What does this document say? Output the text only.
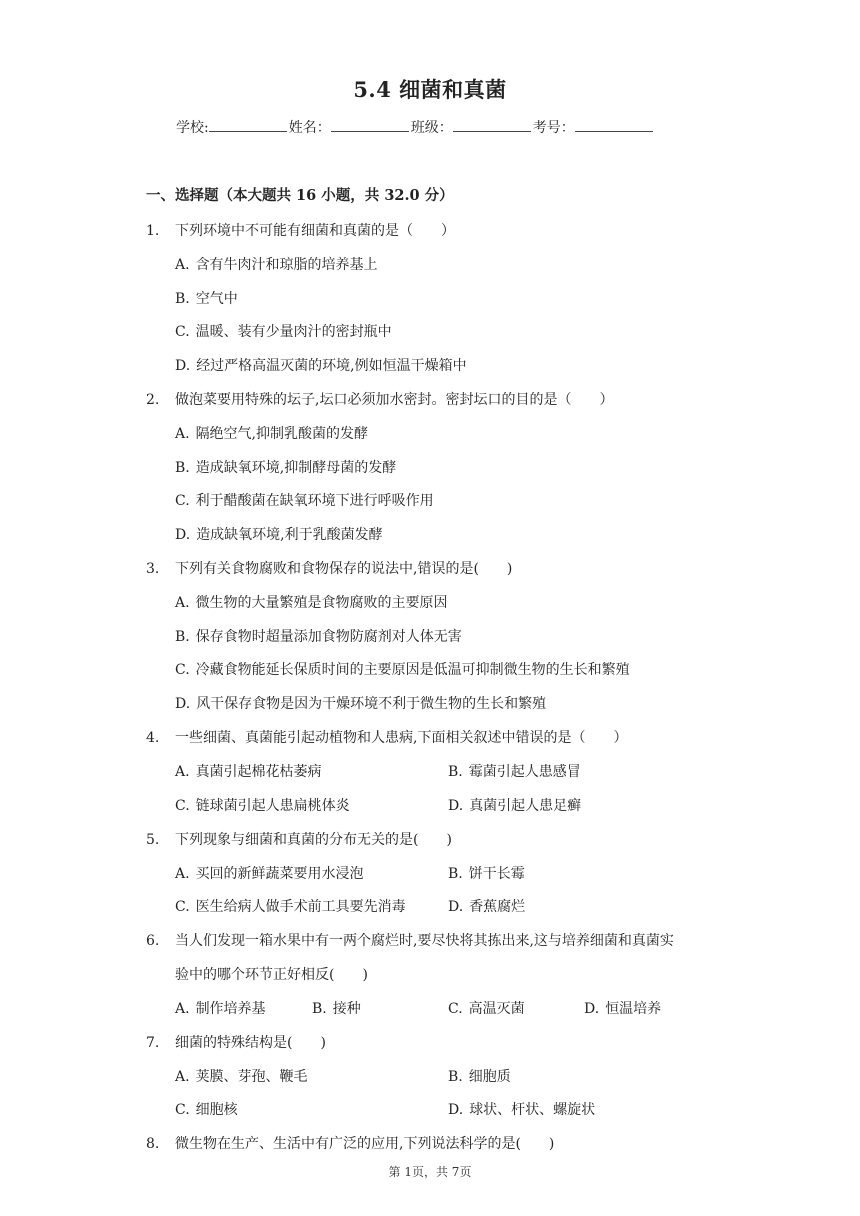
5.4 细菌和真菌
学校:	姓名：	班级：	考号：
一、选择题（本大题共 16 小题，共 32.0 分）
1. 下列环境中不可能有细菌和真菌的是（　　）
A. 含有牛肉汁和琼脂的培养基上
B. 空气中
C. 温暖、装有少量肉汁的密封瓶中
D. 经过严格高温灭菌的环境,例如恒温干燥箱中
2. 做泡菜要用特殊的坛子,坛口必须加水密封。密封坛口的目的是（　　）
A. 隔绝空气,抑制乳酸菌的发酵
B. 造成缺氧环境,抑制酵母菌的发酵
C. 利于醋酸菌在缺氧环境下进行呼吸作用
D. 造成缺氧环境,利于乳酸菌发酵
3. 下列有关食物腐败和食物保存的说法中,错误的是(　　)
A. 微生物的大量繁殖是食物腐败的主要原因
B. 保存食物时超量添加食物防腐剂对人体无害
C. 冷藏食物能延长保质时间的主要原因是低温可抑制微生物的生长和繁殖
D. 风干保存食物是因为干燥环境不利于微生物的生长和繁殖
4. 一些细菌、真菌能引起动植物和人患病,下面相关叙述中错误的是（　　）
A. 真菌引起棉花枯萎病	B. 霉菌引起人患感冒
C. 链球菌引起人患扁桃体炎	D. 真菌引起人患足癣
5. 下列现象与细菌和真菌的分布无关的是(　　)
A. 买回的新鲜蔬菜要用水浸泡	B. 饼干长霉
C. 医生给病人做手术前工具要先消毒	D. 香蕉腐烂
6. 当人们发现一箱水果中有一两个腐烂时,要尽快将其拣出来,这与培养细菌和真菌实
验中的哪个环节正好相反(　　)
A. 制作培养基	B. 接种	C. 高温灭菌	D. 恒温培养
7. 细菌的特殊结构是(　　)
A. 荚膜、芽孢、鞭毛	B. 细胞质
C. 细胞核	D. 球状、杆状、螺旋状
8. 微生物在生产、生活中有广泛的应用,下列说法科学的是(　　)
第 1页，共 7页
